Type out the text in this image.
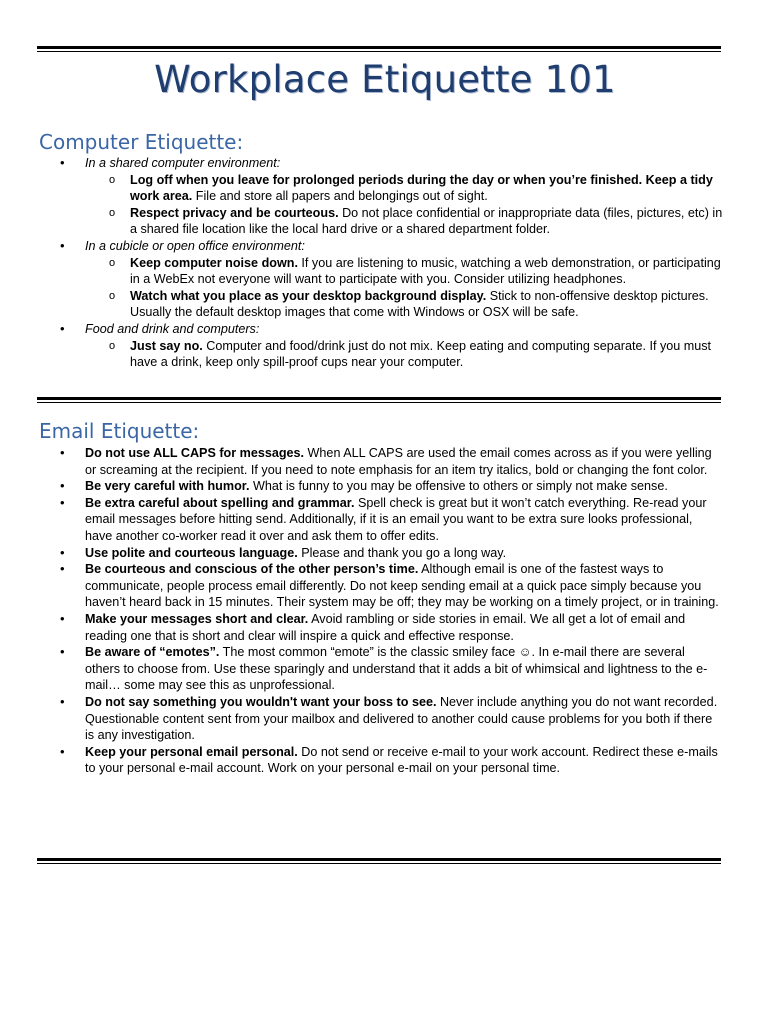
Workplace Etiquette 101
Computer Etiquette:
• In a shared computer environment:
o Log off when you leave for prolonged periods during the day or when you’re finished. Keep a tidy work area. File and store all papers and belongings out of sight.
o Respect privacy and be courteous. Do not place confidential or inappropriate data (files, pictures, etc) in a shared file location like the local hard drive or a shared department folder.
• In a cubicle or open office environment:
o Keep computer noise down. If you are listening to music, watching a web demonstration, or participating in a WebEx not everyone will want to participate with you. Consider utilizing headphones.
o Watch what you place as your desktop background display. Stick to non-offensive desktop pictures. Usually the default desktop images that come with Windows or OSX will be safe.
• Food and drink and computers:
o Just say no. Computer and food/drink just do not mix. Keep eating and computing separate. If you must have a drink, keep only spill-proof cups near your computer.
Email Etiquette:
• Do not use ALL CAPS for messages. When ALL CAPS are used the email comes across as if you were yelling or screaming at the recipient. If you need to note emphasis for an item try italics, bold or changing the font color.
• Be very careful with humor. What is funny to you may be offensive to others or simply not make sense.
• Be extra careful about spelling and grammar. Spell check is great but it won’t catch everything. Re-read your email messages before hitting send. Additionally, if it is an email you want to be extra sure looks professional, have another co-worker read it over and ask them to offer edits.
• Use polite and courteous language. Please and thank you go a long way.
• Be courteous and conscious of the other person’s time. Although email is one of the fastest ways to communicate, people process email differently. Do not keep sending email at a quick pace simply because you haven’t heard back in 15 minutes. Their system may be off; they may be working on a timely project, or in training.
• Make your messages short and clear. Avoid rambling or side stories in email. We all get a lot of email and reading one that is short and clear will inspire a quick and effective response.
• Be aware of “emotes”. The most common “emote” is the classic smiley face ☺. In e-mail there are several others to choose from. Use these sparingly and understand that it adds a bit of whimsical and lightness to the e-mail… some may see this as unprofessional.
• Do not say something you wouldn't want your boss to see. Never include anything you do not want recorded. Questionable content sent from your mailbox and delivered to another could cause problems for you both if there is any investigation.
• Keep your personal email personal. Do not send or receive e-mail to your work account. Redirect these e-mails to your personal e-mail account. Work on your personal e-mail on your personal time.
